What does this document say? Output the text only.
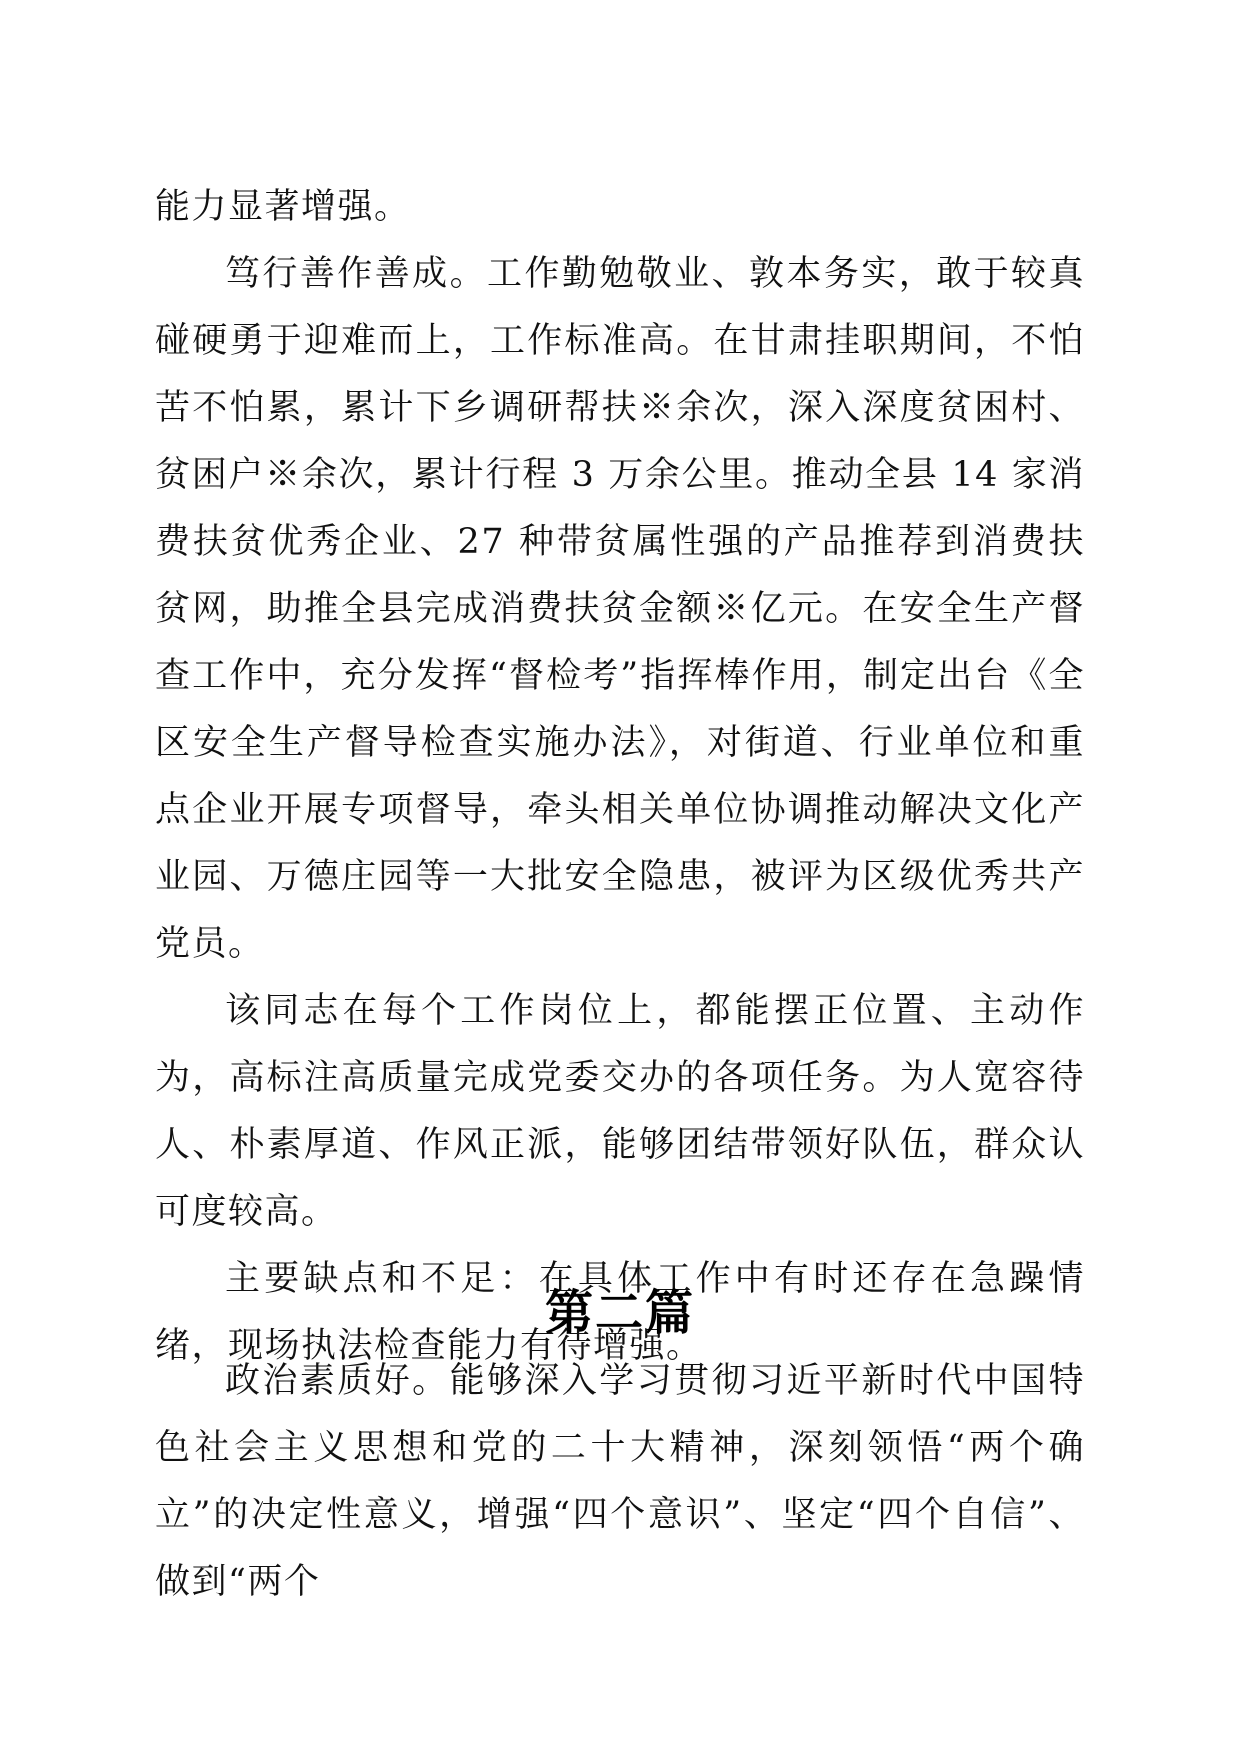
能力显著增强。

笃行善作善成。工作勤勉敬业、敦本务实，敢于较真碰硬勇于迎难而上，工作标准高。在甘肃挂职期间，不怕苦不怕累，累计下乡调研帮扶※余次，深入深度贫困村、贫困户※余次，累计行程 3 万余公里。推动全县 14 家消费扶贫优秀企业、27 种带贫属性强的产品推荐到消费扶贫网，助推全县完成消费扶贫金额※亿元。在安全生产督查工作中，充分发挥“督检考”指挥棒作用，制定出台《全区安全生产督导检查实施办法》，对街道、行业单位和重点企业开展专项督导，牵头相关单位协调推动解决文化产业园、万德庄园等一大批安全隐患，被评为区级优秀共产党员。

该同志在每个工作岗位上，都能摆正位置、主动作为，高标注高质量完成党委交办的各项任务。为人宽容待人、朴素厚道、作风正派，能够团结带领好队伍，群众认可度较高。

主要缺点和不足：在具体工作中有时还存在急躁情绪，现场执法检查能力有待增强。

第二篇

政治素质好。能够深入学习贯彻习近平新时代中国特色社会主义思想和党的二十大精神，深刻领悟“两个确立”的决定性意义，增强“四个意识”、坚定“四个自信”、做到“两个
